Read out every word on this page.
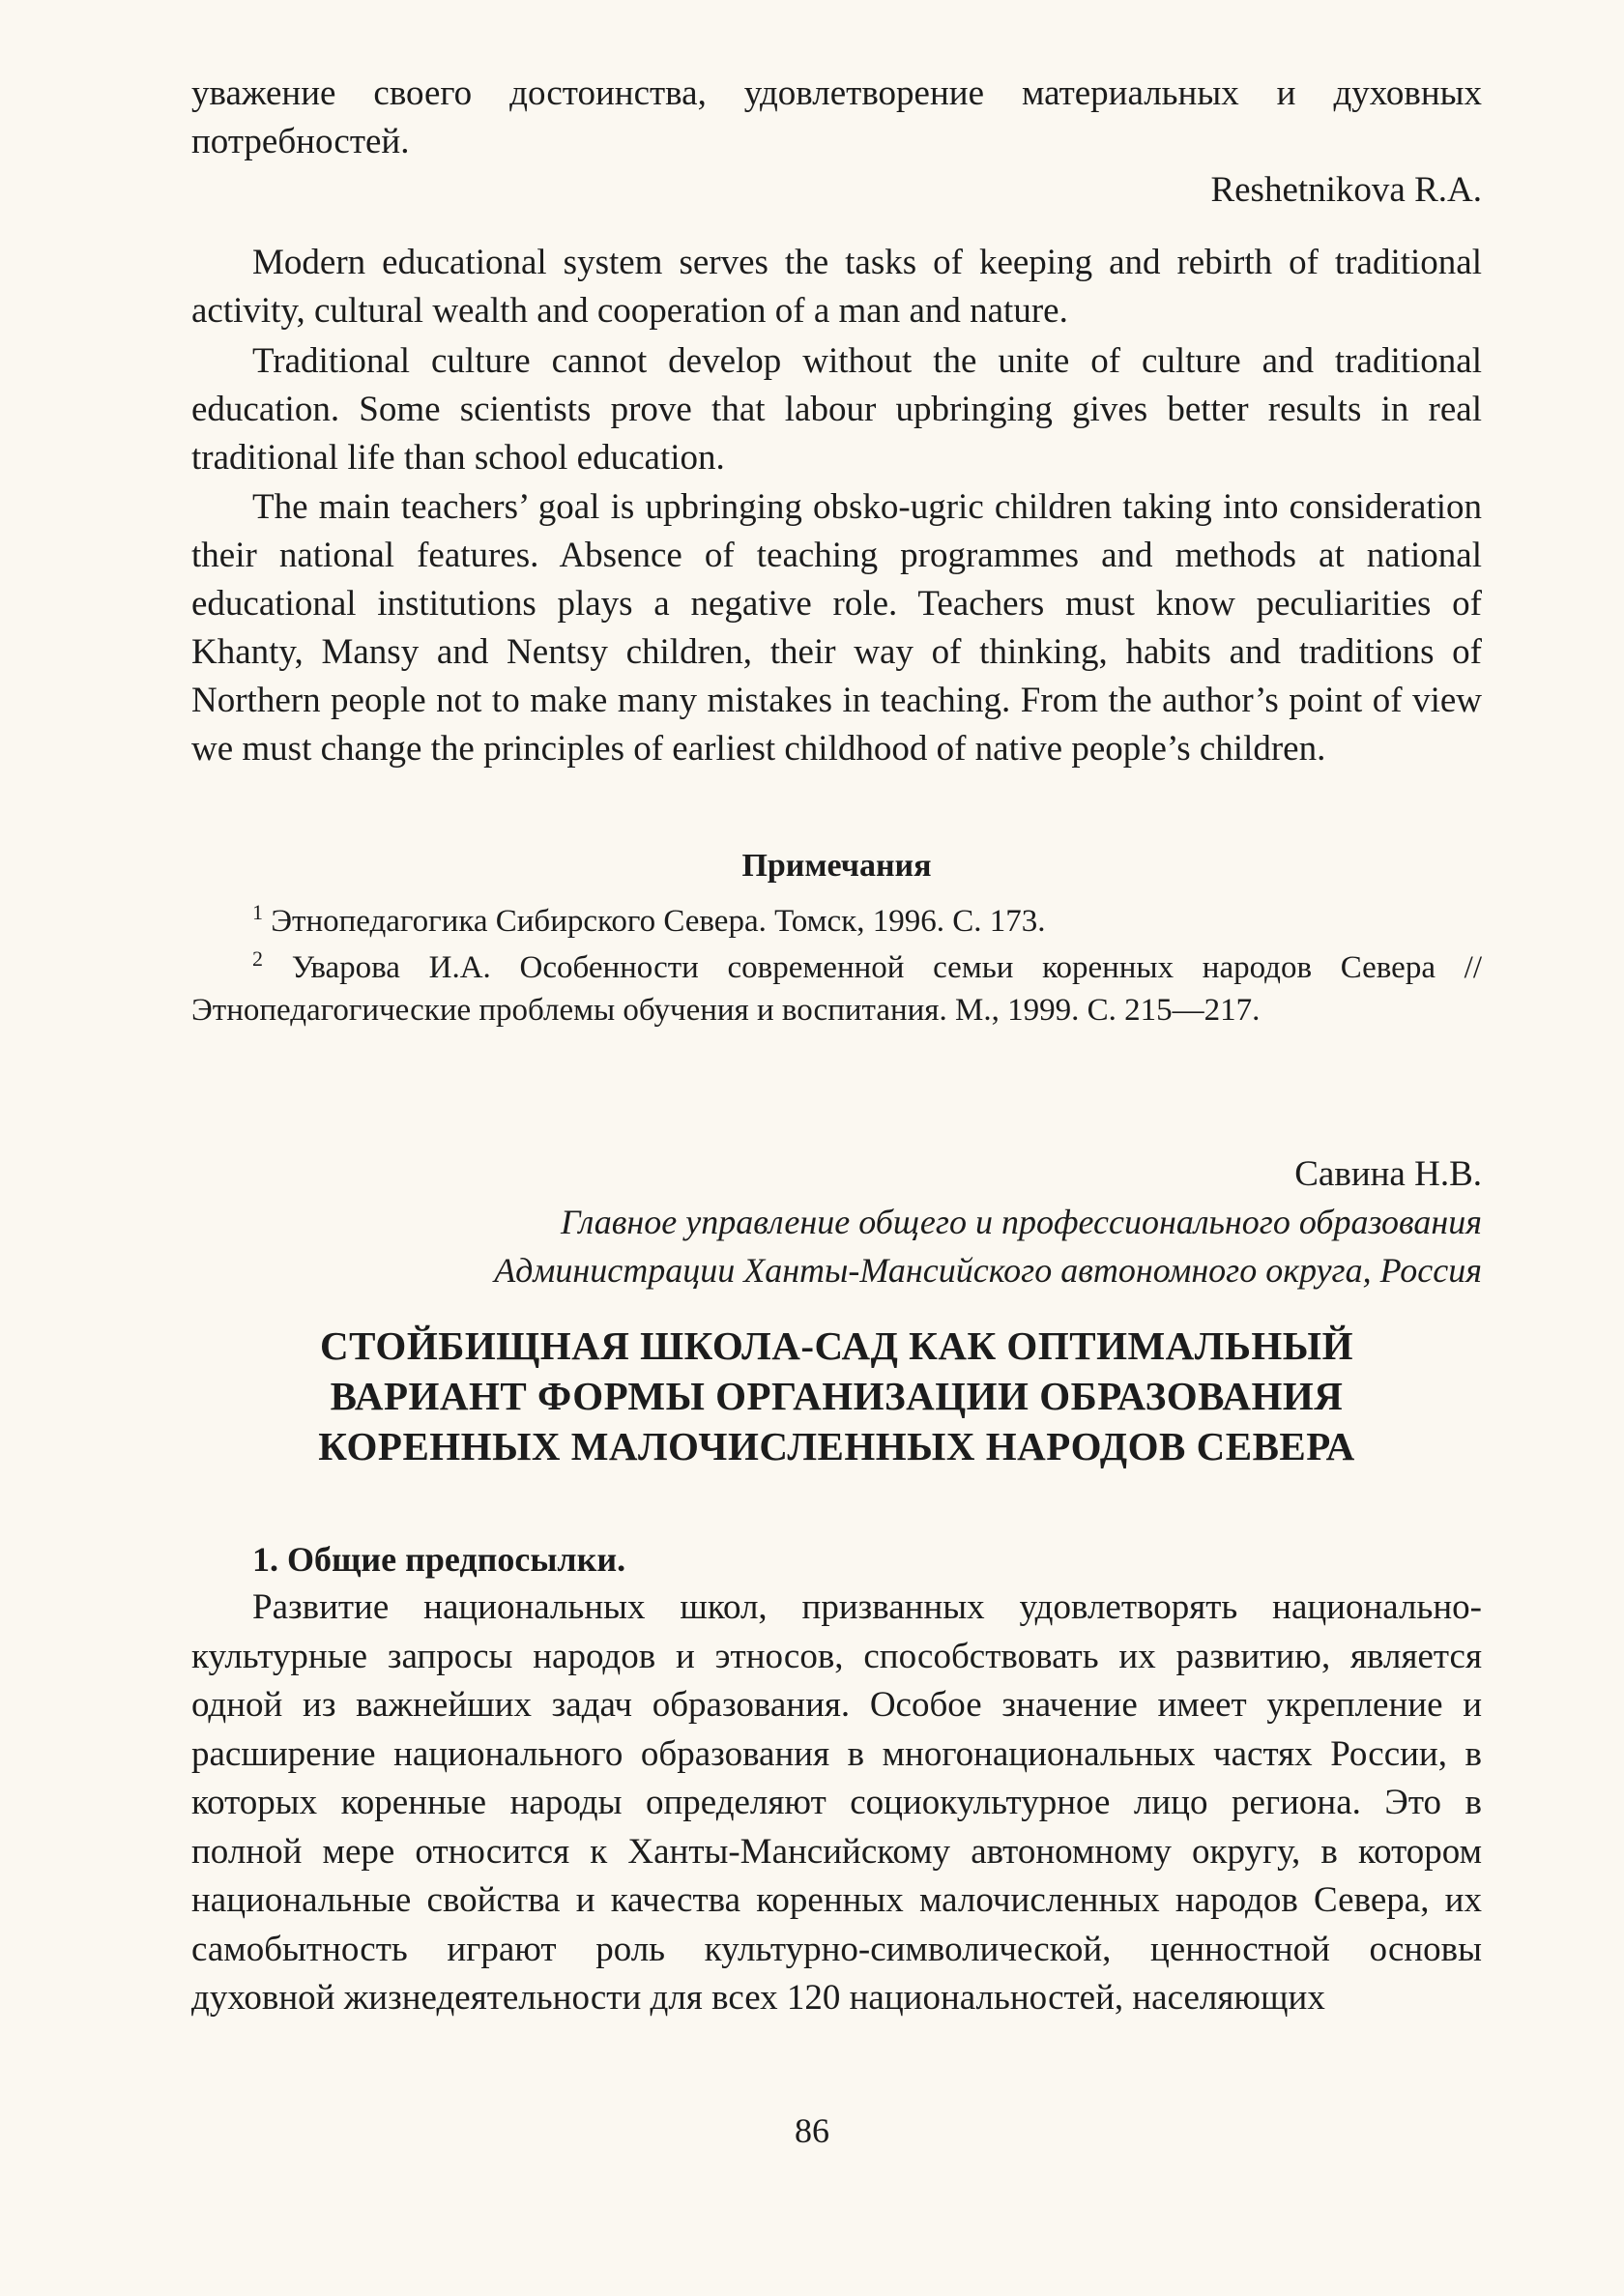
уважение своего достоинства, удовлетворение материальных и духовных потребностей.

Reshetnikova R.A.

Modern educational system serves the tasks of keeping and rebirth of traditional activity, cultural wealth and cooperation of a man and nature.

Traditional culture cannot develop without the unite of culture and traditional education. Some scientists prove that labour upbringing gives better results in real traditional life than school education.

The main teachers’ goal is upbringing obsko-ugric children taking into consideration their national features. Absence of teaching programmes and methods at national educational institutions plays a negative role. Teachers must know peculiarities of Khanty, Mansy and Nentsy children, their way of thinking, habits and traditions of Northern people not to make many mistakes in teaching. From the author’s point of view we must change the principles of earliest childhood of native people’s children.

Примечания

$^1$ Этнопедагогика Сибирского Севера. Томск, 1996. С. 173.

$^2$ Уварова И.А. Особенности современной семьи коренных народов Севера // Этнопедагогические проблемы обучения и воспитания. М., 1999. С. 215—217.

Савина Н.В.

Главное управление общего и профессионального образования

Администрации Ханты-Мансийского автономного округа, Россия

СТОЙБИЩНАЯ ШКОЛА-САД КАК ОПТИМАЛЬНЫЙ

ВАРИАНТ ФОРМЫ ОРГАНИЗАЦИИ ОБРАЗОВАНИЯ

КОРЕННЫХ МАЛОЧИСЛЕННЫХ НАРОДОВ СЕВЕРА

1. Общие предпосылки.

Развитие национальных школ, призванных удовлетворять национально-культурные запросы народов и этносов, способствовать их развитию, является одной из важнейших задач образования. Особое значение имеет укрепление и расширение национального образования в многонациональных частях России, в которых коренные народы определяют социокультурное лицо региона. Это в полной мере относится к Ханты-Мансийскому автономному округу, в котором национальные свойства и качества коренных малочисленных народов Севера, их самобытность играют роль культурно-символической, ценностной основы духовной жизнедеятельности для всех 120 национальностей, населяющих

86
